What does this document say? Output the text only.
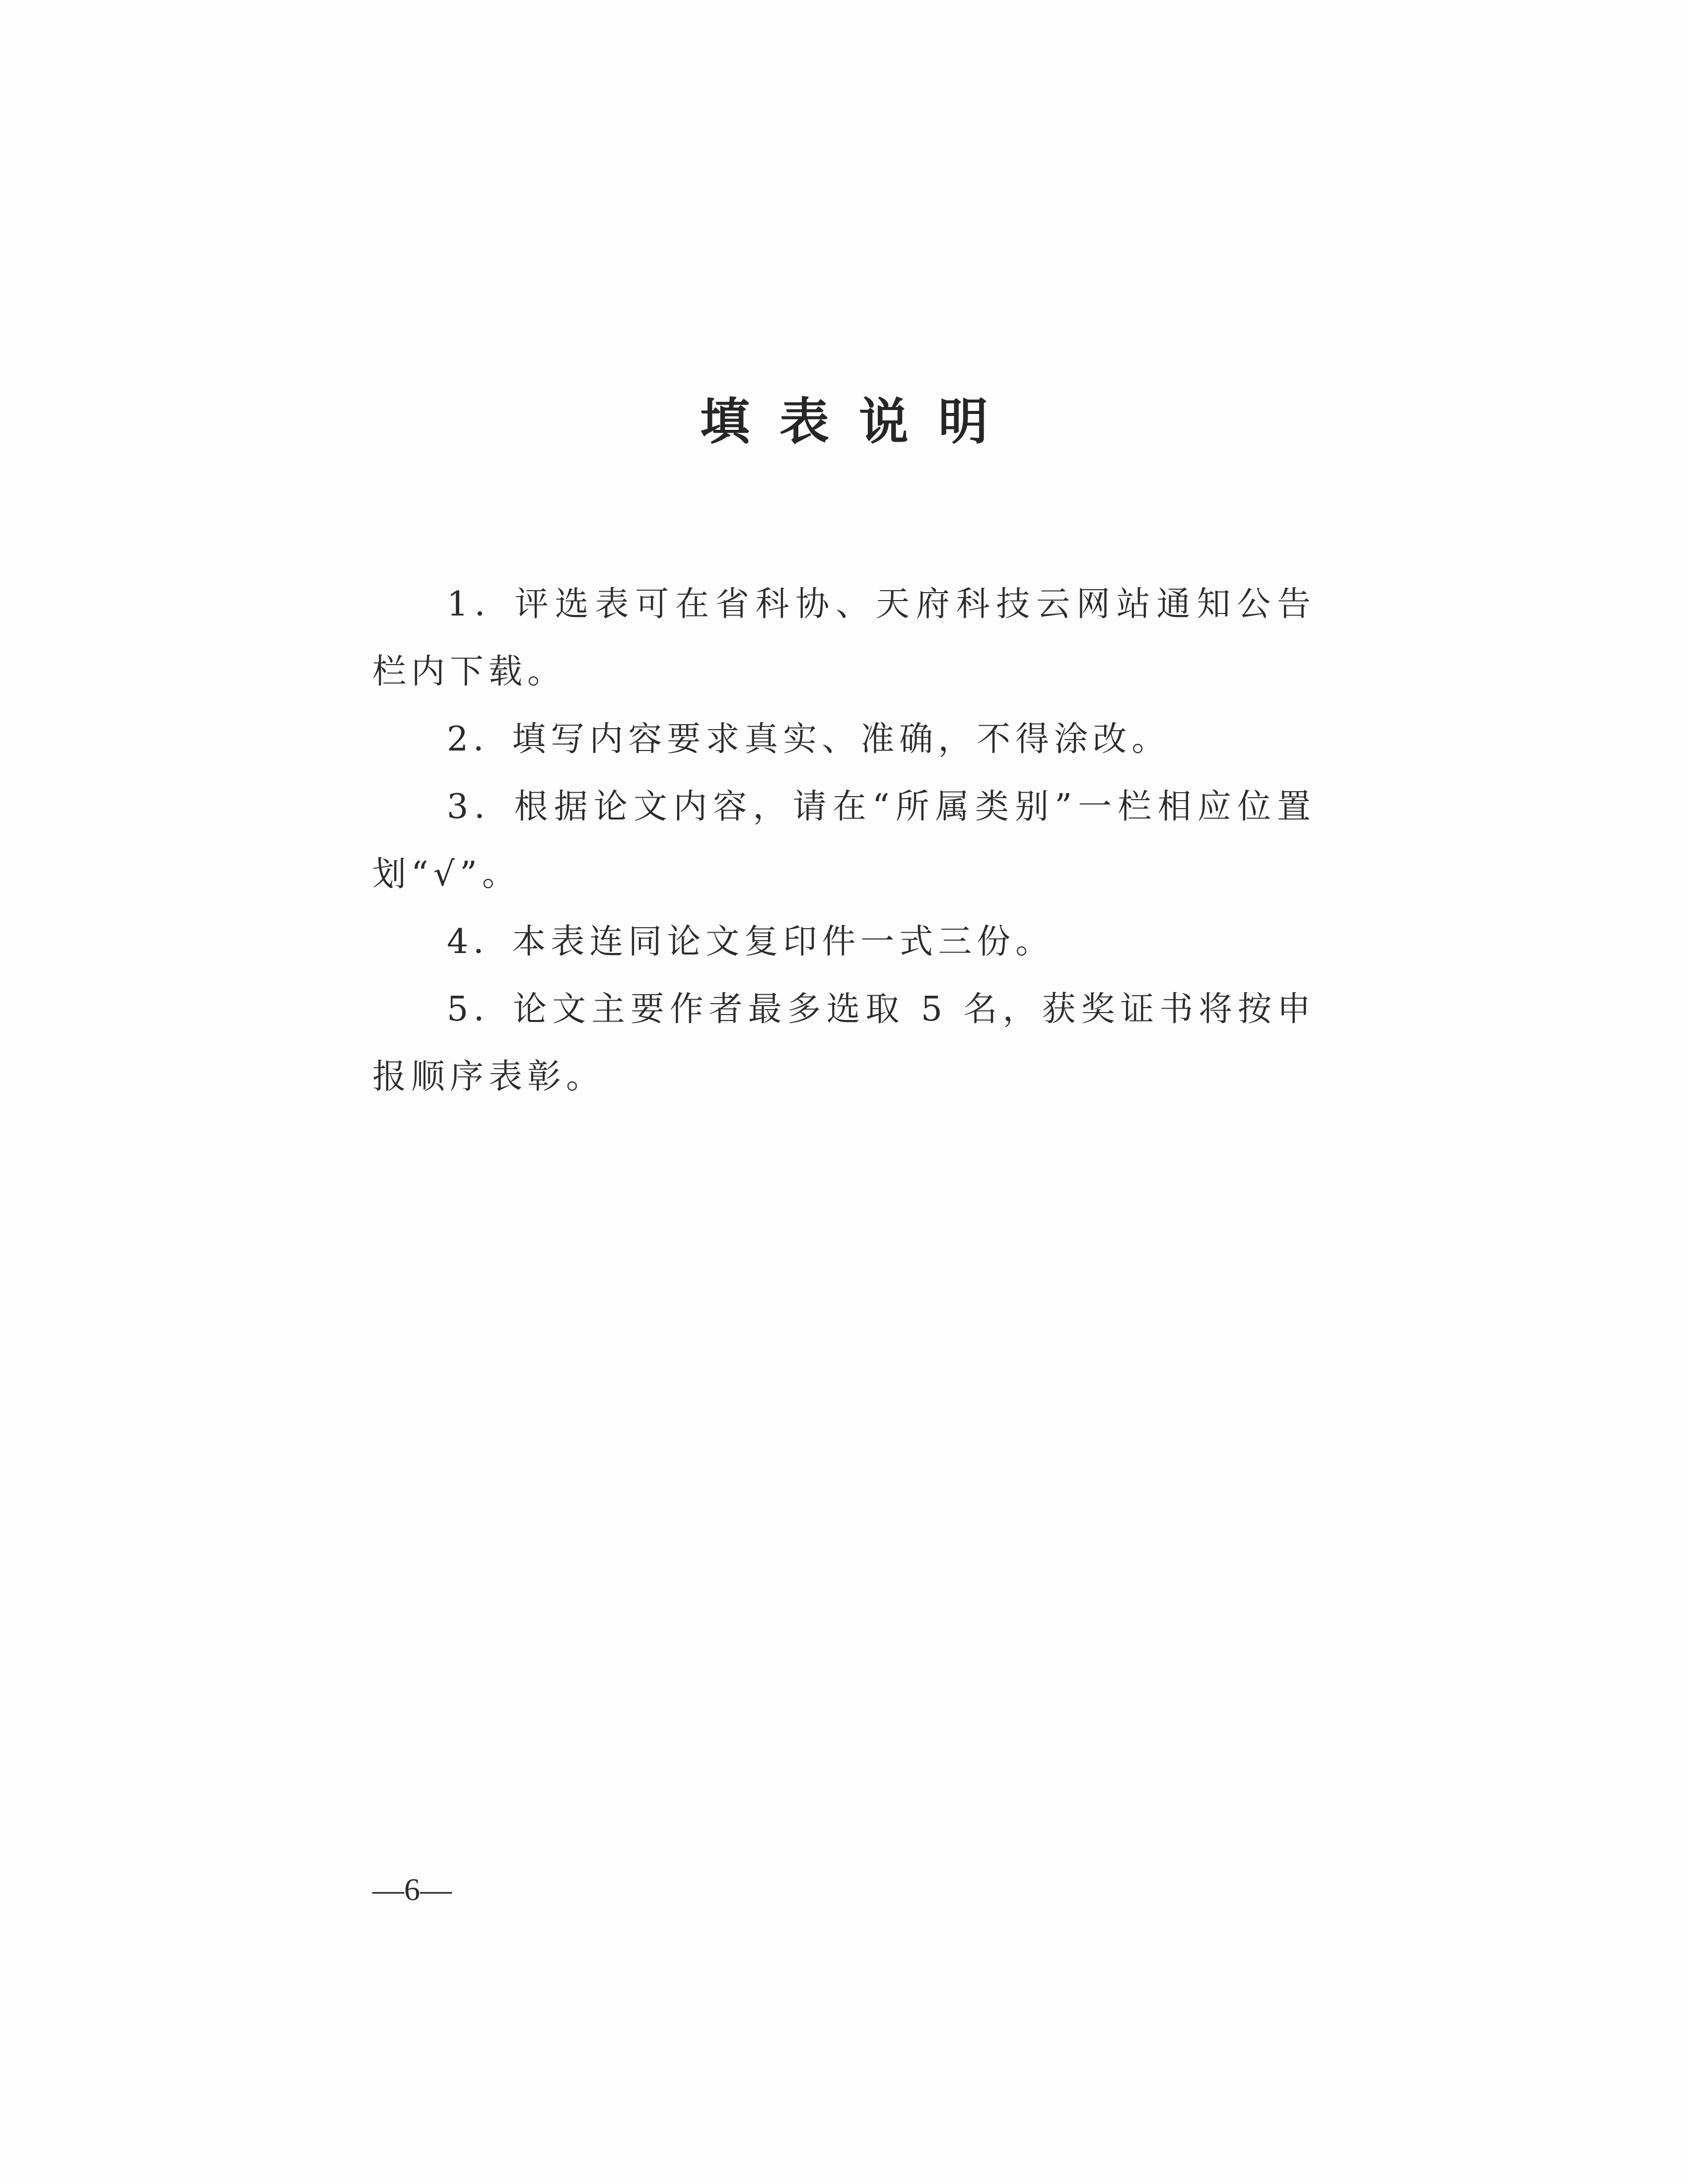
填表说明

1．评选表可在省科协、天府科技云网站通知公告栏内下载。

2．填写内容要求真实、准确，不得涂改。

3．根据论文内容，请在“所属类别”一栏相应位置划“√”。

4．本表连同论文复印件一式三份。

5．论文主要作者最多选取 5 名，获奖证书将按申报顺序表彰。

—6—
